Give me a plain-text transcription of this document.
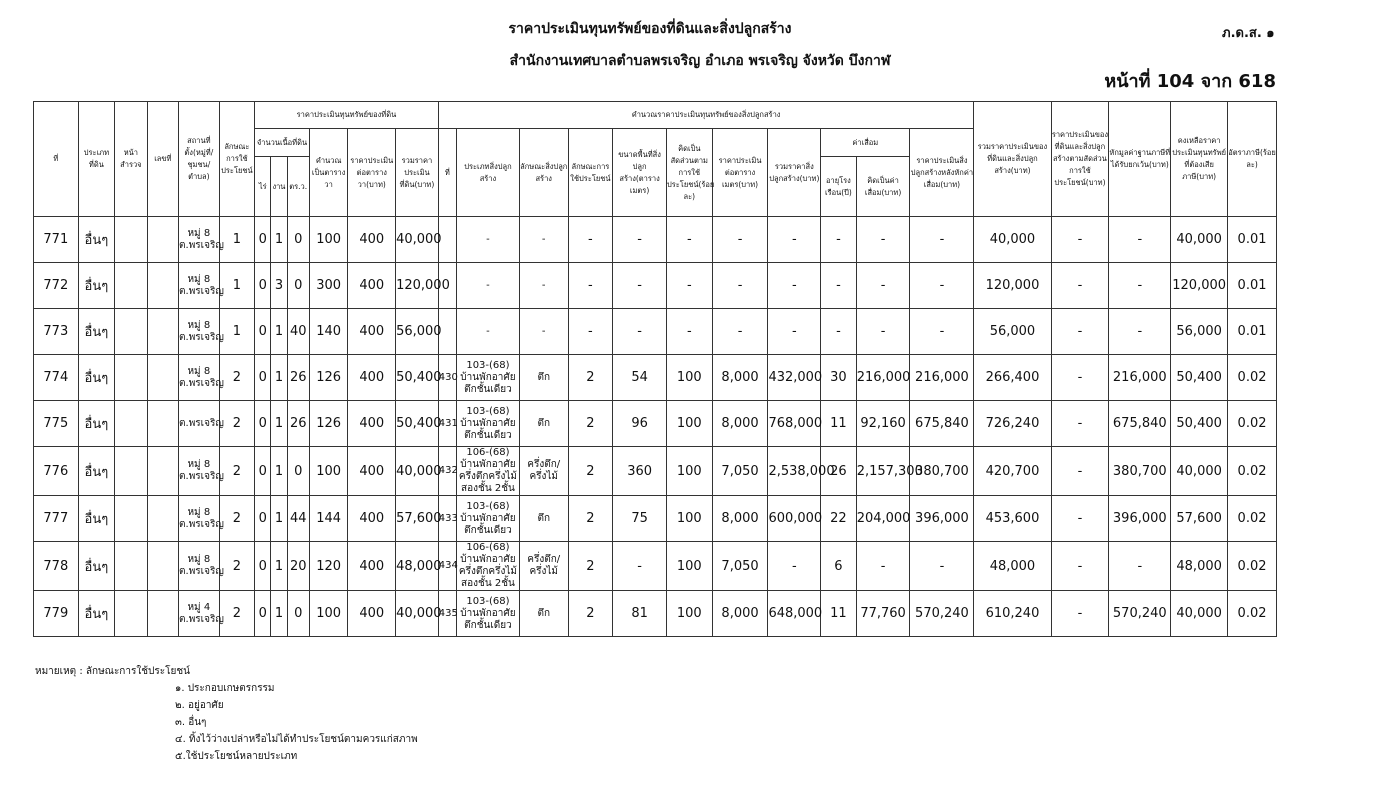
ราคาประเมินทุนทรัพย์ของที่ดินและสิ่งปลูกสร้าง
สำนักงานเทศบาลตำบลพรเจริญ อำเภอ พรเจริญ จังหวัด บึงกาฬ
ภ.ด.ส. ๑
หน้าที่ 104 จาก 618
ที่	ประเภทที่ดิน	หน้าสำรวจ	เลขที่	สถานที่ตั้ง(หมู่ที่/ชุมชน/ตำบล)	ลักษณะการใช้ประโยชน์	ราคาประเมินทุนทรัพย์ของที่ดิน						คำนวณราคาประเมินทุนทรัพย์ของสิ่งปลูกสร้าง											รวมราคาประเมินของที่ดินและสิ่งปลูกสร้าง(บาท)	ราคาประเมินของที่ดินและสิ่งปลูกสร้างตามสัดส่วนการใช้ประโยชน์(บาท)	หักมูลค่าฐานภาษีที่ได้รับยกเว้น(บาท)	คงเหลือราคาประเมินทุนทรัพย์ที่ต้องเสียภาษี(บาท)	อัตราภาษี(ร้อยละ)
						จำนวนเนื้อที่ดิน			คำนวณเป็นตารางวา	ราคาประเมินต่อตารางวา(บาท)	รวมราคาประเมินที่ดิน(บาท)	ที่	ประเภทสิ่งปลูกสร้าง	ลักษณะสิ่งปลูกสร้าง	ลักษณะการใช้ประโยชน์	ขนาดพื้นที่สิ่งปลูกสร้าง(ตารางเมตร)	คิดเป็นสัดส่วนตามการใช้ประโยชน์(ร้อยละ)	ราคาประเมินต่อตารางเมตร(บาท)	รวมราคาสิ่งปลูกสร้าง(บาท)	ค่าเสื่อม		ราคาประเมินสิ่งปลูกสร้างหลังหักค่าเสื่อม(บาท)					
						ไร่	งาน	ตร.ว.												อายุโรงเรือน(ปี)	คิดเป็นค่าเสื่อม(บาท)						
771	อื่นๆ			หมู่ 8 ต.พรเจริญ	1	0	1	0	100	400	40,000		-	-	-	-	-	-	-	-	-	-	40,000	-	-	40,000	0.01
772	อื่นๆ			หมู่ 8 ต.พรเจริญ	1	0	3	0	300	400	120,000		-	-	-	-	-	-	-	-	-	-	120,000	-	-	120,000	0.01
773	อื่นๆ			หมู่ 8 ต.พรเจริญ	1	0	1	40	140	400	56,000		-	-	-	-	-	-	-	-	-	-	56,000	-	-	56,000	0.01
774	อื่นๆ			หมู่ 8 ต.พรเจริญ	2	0	1	26	126	400	50,400	430	103-(68) บ้านพักอาศัยตึกชั้นเดียว	ตึก	2	54	100	8,000	432,000	30	216,000	216,000	266,400	-	216,000	50,400	0.02
775	อื่นๆ			ต.พรเจริญ	2	0	1	26	126	400	50,400	431	103-(68) บ้านพักอาศัยตึกชั้นเดียว	ตึก	2	96	100	8,000	768,000	11	92,160	675,840	726,240	-	675,840	50,400	0.02
776	อื่นๆ			หมู่ 8 ต.พรเจริญ	2	0	1	0	100	400	40,000	432	106-(68) บ้านพักอาศัยครึ่งตึกครึ่งไม้สองชั้น 2ชั้น	ครึ่งตึก/ครึ่งไม้	2	360	100	7,050	2,538,000	26	2,157,300	380,700	420,700	-	380,700	40,000	0.02
777	อื่นๆ			หมู่ 8 ต.พรเจริญ	2	0	1	44	144	400	57,600	433	103-(68) บ้านพักอาศัยตึกชั้นเดียว	ตึก	2	75	100	8,000	600,000	22	204,000	396,000	453,600	-	396,000	57,600	0.02
778	อื่นๆ			หมู่ 8 ต.พรเจริญ	2	0	1	20	120	400	48,000	434	106-(68) บ้านพักอาศัยครึ่งตึกครึ่งไม้สองชั้น 2ชั้น	ครึ่งตึก/ครึ่งไม้	2	-	100	7,050	-	6	-	-	48,000	-	-	48,000	0.02
779	อื่นๆ			หมู่ 4 ต.พรเจริญ	2	0	1	0	100	400	40,000	435	103-(68) บ้านพักอาศัยตึกชั้นเดียว	ตึก	2	81	100	8,000	648,000	11	77,760	570,240	610,240	-	570,240	40,000	0.02
หมายเหตุ : ลักษณะการใช้ประโยชน์
๑. ประกอบเกษตรกรรม
๒. อยู่อาศัย
๓. อื่นๆ
๔. ทิ้งไว้ว่างเปล่าหรือไม่ได้ทำประโยชน์ตามควรแก่สภาพ
๕.ใช้ประโยชน์หลายประเภท
